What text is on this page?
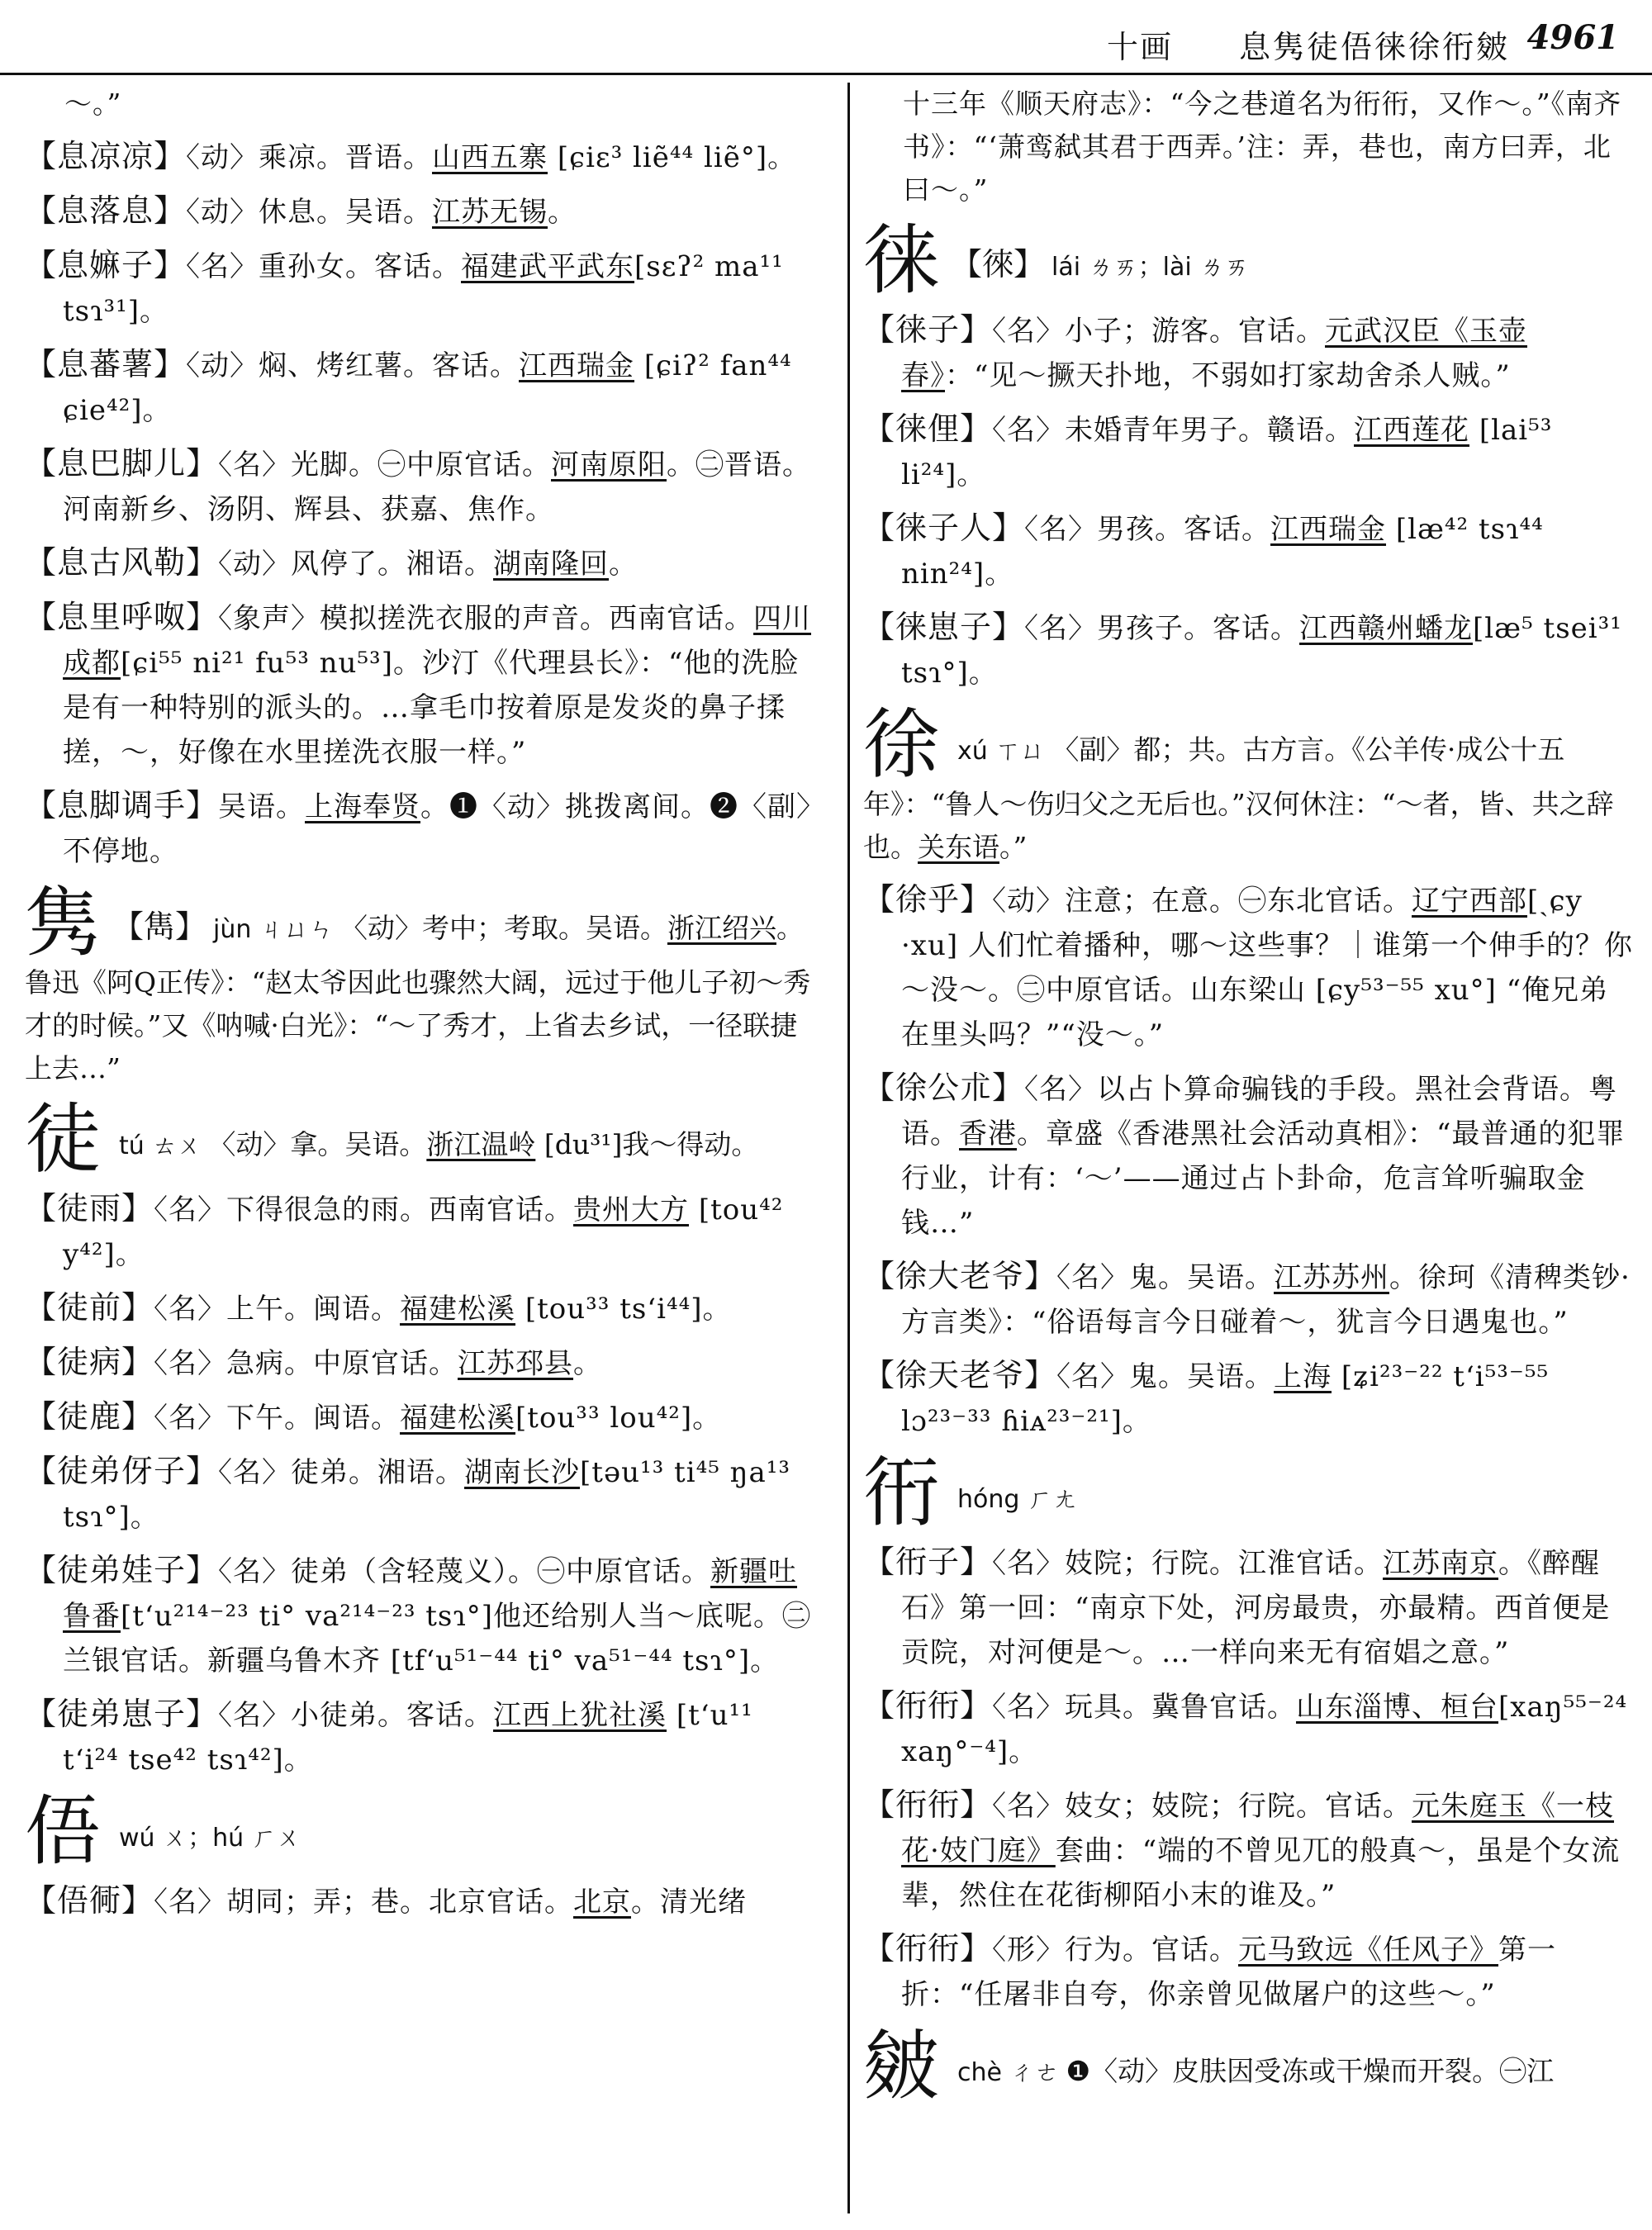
十画 息隽徒俉徕徐衎皴 4961

～。”

【息凉凉】〈动〉乘凉。晋语。山西五寨 [ɕiɛ³ liẽ⁴⁴ liẽ°]。

【息落息】〈动〉休息。吴语。江苏无锡。

【息嫲子】〈名〉重孙女。客话。福建武平武东[sɛʔ² ma¹¹ tsɿ³¹]。

【息蕃薯】〈动〉焖、烤红薯。客话。江西瑞金 [ɕiʔ² fan⁴⁴ ɕie⁴²]。

【息巴脚儿】〈名〉光脚。㊀中原官话。河南原阳。㊁晋语。河南新乡、汤阴、辉县、获嘉、焦作。

【息古风勒】〈动〉风停了。湘语。湖南隆回。

【息里呼呶】〈象声〉模拟搓洗衣服的声音。西南官话。四川成都[ɕi⁵⁵ ni²¹ fu⁵³ nu⁵³]。沙汀《代理县长》：“他的洗脸是有一种特别的派头的。…拿毛巾按着原是发炎的鼻子揉搓，～，好像在水里搓洗衣服一样。”

【息脚调手】吴语。上海奉贤。❶〈动〉挑拨离间。❷〈副〉不停地。

隽 【雋】 jùn ㄐㄩㄣ 〈动〉考中；考取。吴语。浙江绍兴。鲁迅《阿Q正传》：“赵太爷因此也骤然大阔，远过于他儿子初～秀才的时候。”又《呐喊·白光》：“～了秀才，上省去乡试，一径联捷上去…”

徒tú ㄊㄨ 〈动〉拿。吴语。浙江温岭 [du³¹]我～得动。

【徒雨】〈名〉下得很急的雨。西南官话。贵州大方 [tou⁴² y⁴²]。

【徒前】〈名〉上午。闽语。福建松溪 [tou³³ tsʻi⁴⁴]。

【徒病】〈名〉急病。中原官话。江苏邳县。

【徒鹿】〈名〉下午。闽语。福建松溪[tou³³ lou⁴²]。

【徒弟伢子】〈名〉徒弟。湘语。湖南长沙[təu¹³ ti⁴⁵ ŋa¹³ tsɿ°]。

【徒弟娃子】〈名〉徒弟（含轻蔑义）。㊀中原官话。新疆吐鲁番[tʻu²¹⁴⁻²³ ti° va²¹⁴⁻²³ tsɿ°]他还给别人当～底呢。㊁兰银官话。新疆乌鲁木齐 [tfʻu⁵¹⁻⁴⁴ ti° va⁵¹⁻⁴⁴ tsɿ°]。

【徒弟崽子】〈名〉小徒弟。客话。江西上犹社溪 [tʻu¹¹ tʻi²⁴ tse⁴² tsɿ⁴²]。

俉wú ㄨ；hú ㄏㄨ

【俉衕】〈名〉胡同；弄；巷。北京官话。北京。清光绪

十三年《顺天府志》：“今之巷道名为衎衎，又作～。”《南齐书》：“‘萧鸾弑其君于西弄。’注：弄，巷也，南方曰弄，北曰～。”

徕 【徠】 lái ㄌㄞ；lài ㄌㄞ

【徕子】〈名〉小子；游客。官话。元武汉臣《玉壶春》：“见～撅天扑地，不弱如打家劫舍杀人贼。”

【徕俚】〈名〉未婚青年男子。赣语。江西莲花 [lai⁵³ li²⁴]。

【徕子人】〈名〉男孩。客话。江西瑞金 [læ⁴² tsɿ⁴⁴ nin²⁴]。

【徕崽子】〈名〉男孩子。客话。江西赣州蟠龙[læ⁵ tsei³¹ tsɿ°]。

徐xú ㄒㄩ 〈副〉都；共。古方言。《公羊传·成公十五年》：“鲁人～伤归父之无后也。”汉何休注：“～者，皆、共之辞也。关东语。”

【徐乎】〈动〉注意；在意。㊀东北官话。辽宁西部[ˏɕy ·xu] 人们忙着播种，哪～这些事？｜谁第一个伸手的？你～没～。㊁中原官话。山东梁山 [ɕy⁵³⁻⁵⁵ xu°] “俺兄弟在里头吗？”“没～。”

【徐公朮】〈名〉以占卜算命骗钱的手段。黑社会背语。粤语。香港。章盛《香港黑社会活动真相》：“最普通的犯罪行业，计有：‘～’——通过占卜卦命，危言耸听骗取金钱…”

【徐大老爷】〈名〉鬼。吴语。江苏苏州。徐珂《清稗类钞·方言类》：“俗语每言今日碰着～，犹言今日遇鬼也。”

【徐天老爷】〈名〉鬼。吴语。上海 [ʑi²³⁻²² tʻi⁵³⁻⁵⁵ lɔ²³⁻³³ ɦiᴀ²³⁻²¹]。

衎hóng ㄏㄤ

【衎子】〈名〉妓院；行院。江淮官话。江苏南京。《醉醒石》第一回：“南京下处，河房最贵，亦最精。西首便是贡院，对河便是～。…一样向来无有宿娼之意。”

【衎衎】〈名〉玩具。冀鲁官话。山东淄博、桓台[xaŋ⁵⁵⁻²⁴ xaŋ°⁻⁴]。

【衎衎】〈名〉妓女；妓院；行院。官话。元朱庭玉《一枝花·妓门庭》套曲：“端的不曾见兀的般真～，虽是个女流辈，然住在花街柳陌小末的谁及。”

【衎衎】〈形〉行为。官话。元马致远《任风子》第一折：“任屠非自夸，你亲曾见做屠户的这些～。”

皴chè ㄔㄜ ❶〈动〉皮肤因受冻或干燥而开裂。㊀江
